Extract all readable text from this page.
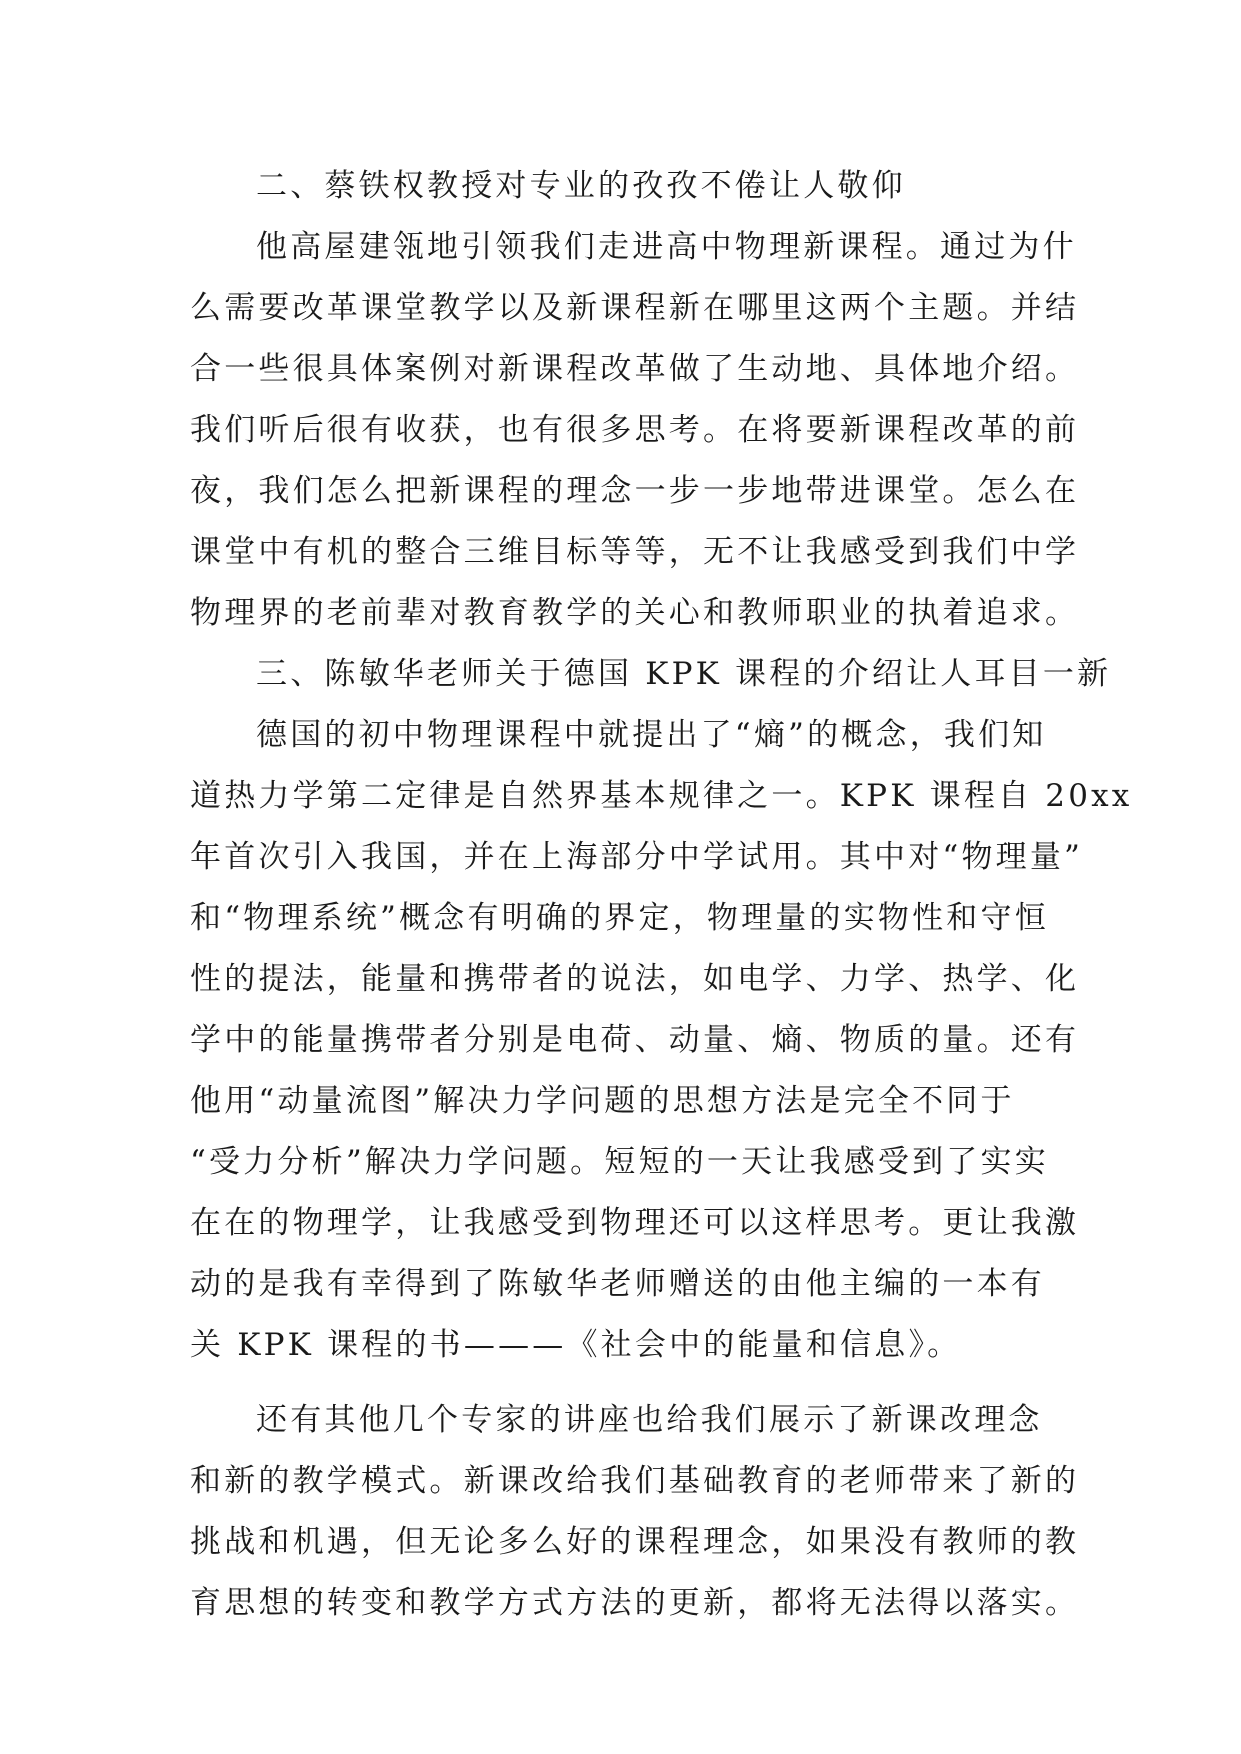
二、蔡铁权教授对专业的孜孜不倦让人敬仰
他高屋建瓴地引领我们走进高中物理新课程。通过为什
么需要改革课堂教学以及新课程新在哪里这两个主题。并结
合一些很具体案例对新课程改革做了生动地、具体地介绍。
我们听后很有收获，也有很多思考。在将要新课程改革的前
夜，我们怎么把新课程的理念一步一步地带进课堂。怎么在
课堂中有机的整合三维目标等等，无不让我感受到我们中学
物理界的老前辈对教育教学的关心和教师职业的执着追求。
三、陈敏华老师关于德国 KPK 课程的介绍让人耳目一新
德国的初中物理课程中就提出了“熵”的概念，我们知
道热力学第二定律是自然界基本规律之一。KPK 课程自 20xx
年首次引入我国，并在上海部分中学试用。其中对“物理量”
和“物理系统”概念有明确的界定，物理量的实物性和守恒
性的提法，能量和携带者的说法，如电学、力学、热学、化
学中的能量携带者分别是电荷、动量、熵、物质的量。还有
他用“动量流图”解决力学问题的思想方法是完全不同于
“受力分析”解决力学问题。短短的一天让我感受到了实实
在在的物理学，让我感受到物理还可以这样思考。更让我激
动的是我有幸得到了陈敏华老师赠送的由他主编的一本有
关 KPK 课程的书———《社会中的能量和信息》。
还有其他几个专家的讲座也给我们展示了新课改理念
和新的教学模式。新课改给我们基础教育的老师带来了新的
挑战和机遇，但无论多么好的课程理念，如果没有教师的教
育思想的转变和教学方式方法的更新，都将无法得以落实。
